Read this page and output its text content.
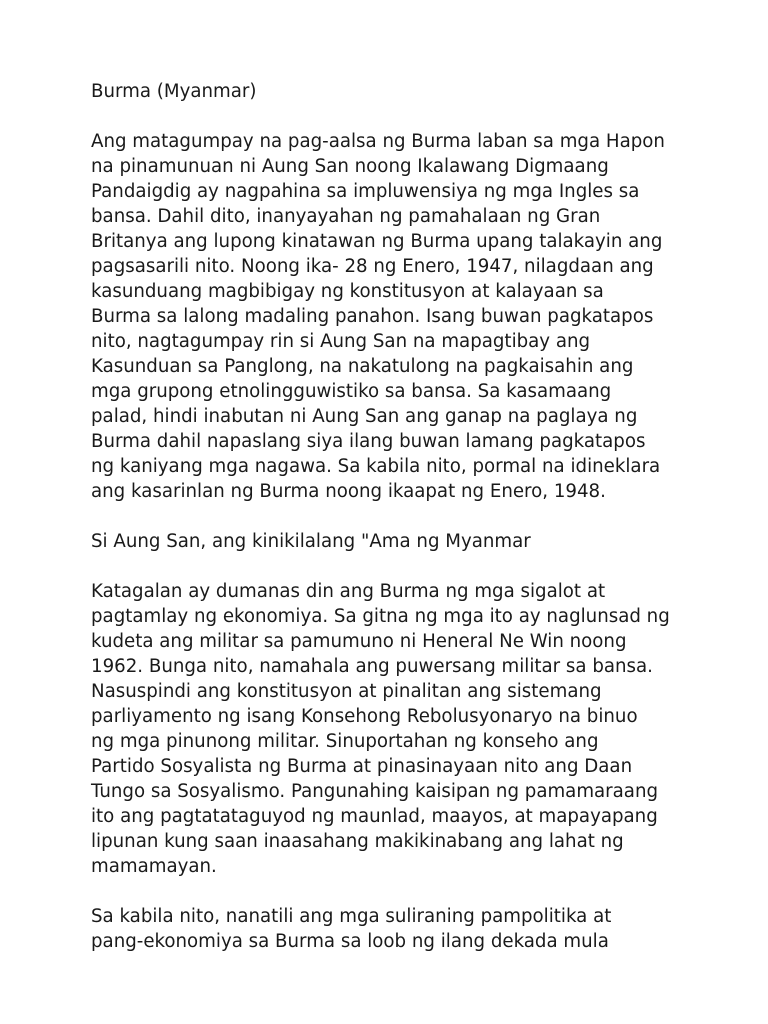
Burma (Myanmar)

Ang matagumpay na pag-aalsa ng Burma laban sa mga Hapon
na pinamunuan ni Aung San noong Ikalawang Digmaang
Pandaigdig ay nagpahina sa impluwensiya ng mga Ingles sa
bansa. Dahil dito, inanyayahan ng pamahalaan ng Gran
Britanya ang lupong kinatawan ng Burma upang talakayin ang
pagsasarili nito. Noong ika- 28 ng Enero, 1947, nilagdaan ang
kasunduang magbibigay ng konstitusyon at kalayaan sa
Burma sa lalong madaling panahon. Isang buwan pagkatapos
nito, nagtagumpay rin si Aung San na mapagtibay ang
Kasunduan sa Panglong, na nakatulong na pagkaisahin ang
mga grupong etnolingguwistiko sa bansa. Sa kasamaang
palad, hindi inabutan ni Aung San ang ganap na paglaya ng
Burma dahil napaslang siya ilang buwan lamang pagkatapos
ng kaniyang mga nagawa. Sa kabila nito, pormal na idineklara
ang kasarinlan ng Burma noong ikaapat ng Enero, 1948.

Si Aung San, ang kinikilalang "Ama ng Myanmar

Katagalan ay dumanas din ang Burma ng mga sigalot at
pagtamlay ng ekonomiya. Sa gitna ng mga ito ay naglunsad ng
kudeta ang militar sa pamumuno ni Heneral Ne Win noong
1962. Bunga nito, namahala ang puwersang militar sa bansa.
Nasuspindi ang konstitusyon at pinalitan ang sistemang
parliyamento ng isang Konsehong Rebolusyonaryo na binuo
ng mga pinunong militar. Sinuportahan ng konseho ang
Partido Sosyalista ng Burma at pinasinayaan nito ang Daan
Tungo sa Sosyalismo. Pangunahing kaisipan ng pamamaraang
ito ang pagtatataguyod ng maunlad, maayos, at mapayapang
lipunan kung saan inaasahang makikinabang ang lahat ng
mamamayan.

Sa kabila nito, nanatili ang mga suliraning pampolitika at
pang-ekonomiya sa Burma sa loob ng ilang dekada mula
